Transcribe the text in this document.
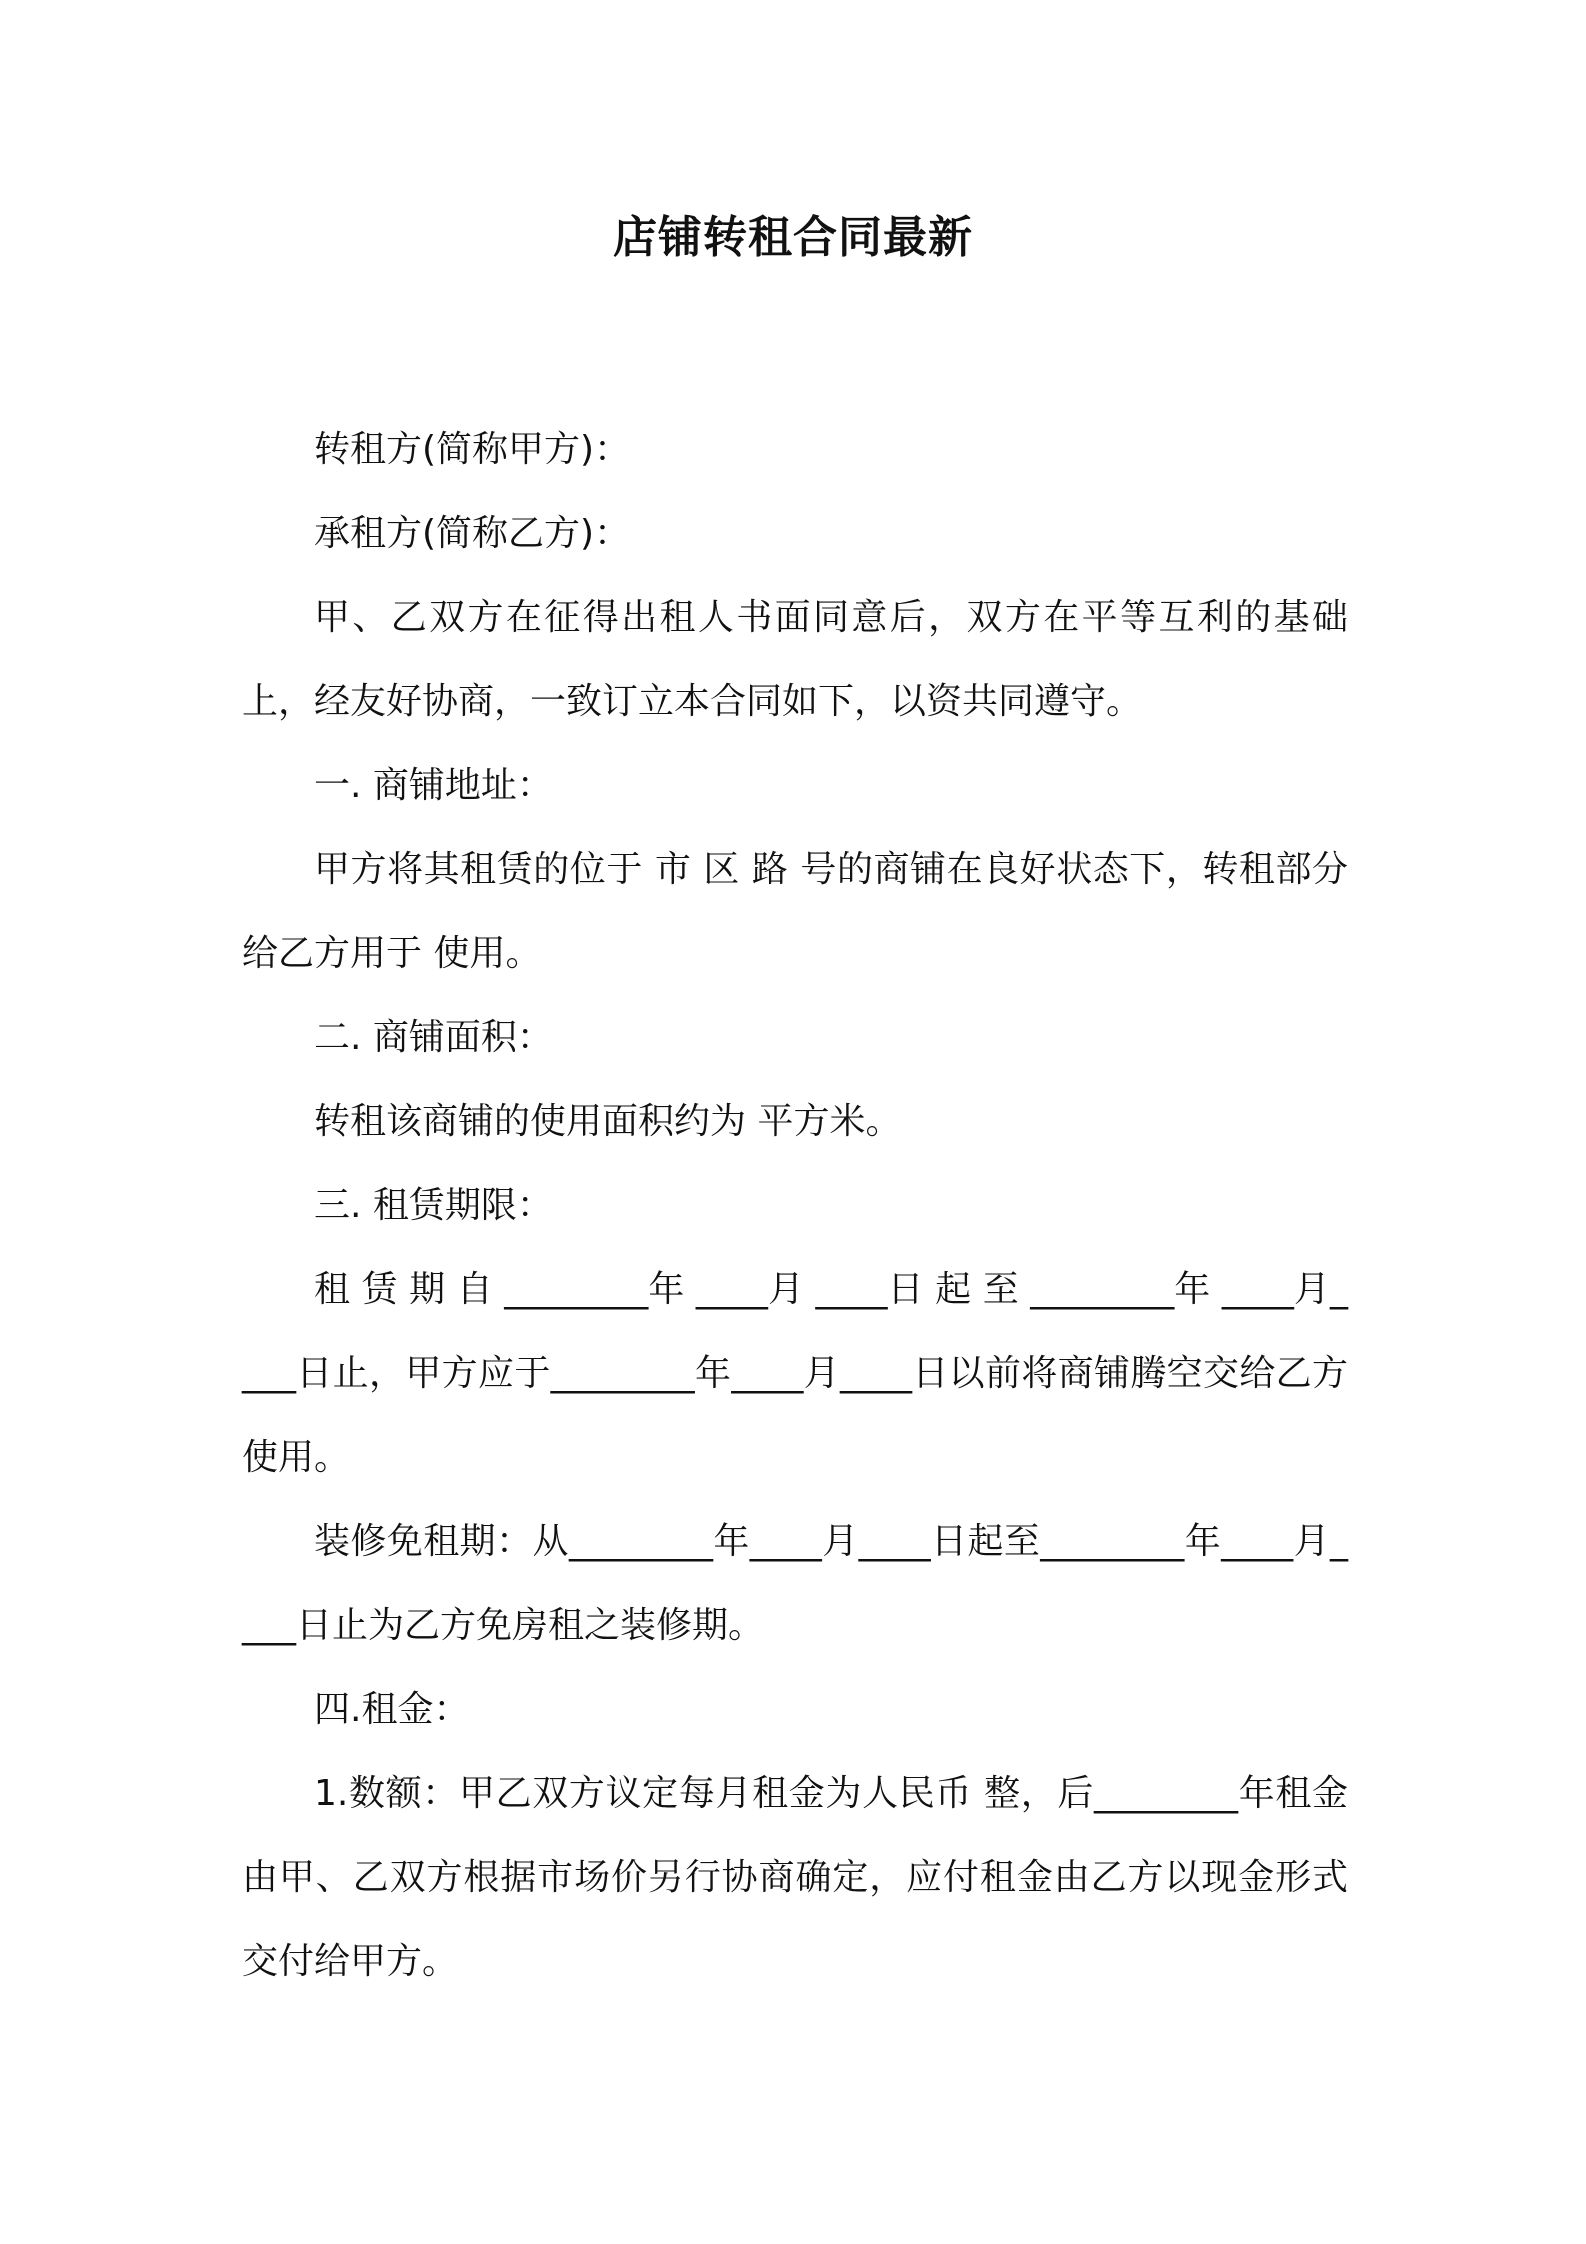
店铺转租合同最新

转租方(简称甲方)：

承租方(简称乙方)：

甲、乙双方在征得出租人书面同意后，双方在平等互利的基础上，经友好协商，一致订立本合同如下，以资共同遵守。

一. 商铺地址：

甲方将其租赁的位于 市 区 路 号的商铺在良好状态下，转租部分给乙方用于 使用。

二. 商铺面积：

转租该商铺的使用面积约为 平方米。

三. 租赁期限：

租 赁 期 自 ________年 ____月 ____日 起 至 ________年 ____月____日止，甲方应于________年____月____日以前将商铺腾空交给乙方使用。

装修免租期：从________年____月____日起至________年____月____日止为乙方免房租之装修期。

四.租金：

1.数额：甲乙双方议定每月租金为人民币 整，后________年租金由甲、乙双方根据市场价另行协商确定，应付租金由乙方以现金形式交付给甲方。
